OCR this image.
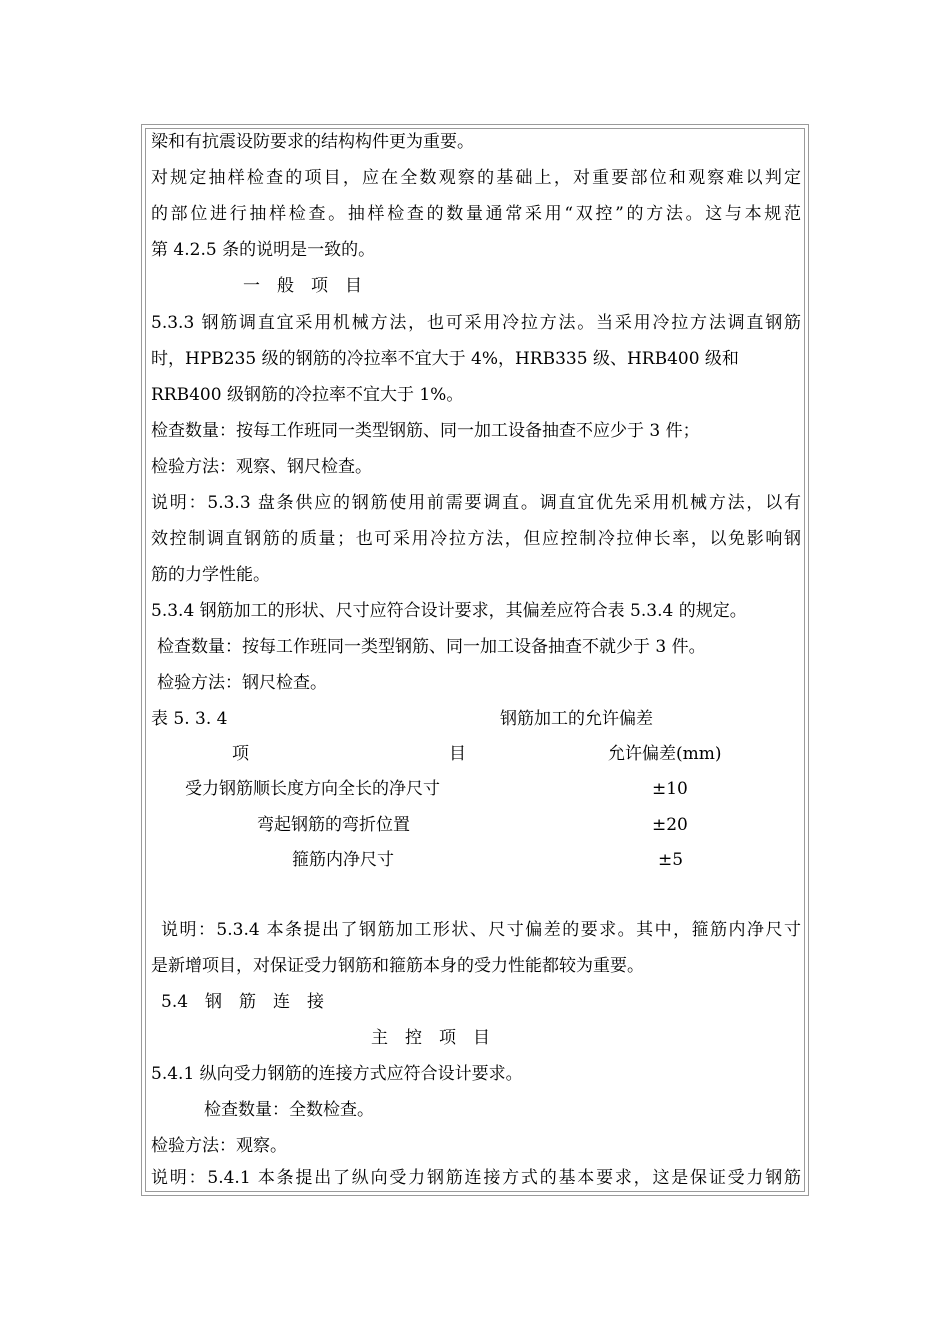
梁和有抗震设防要求的结构构件更为重要。
对规定抽样检查的项目，应在全数观察的基础上，对重要部位和观察难以判定
的部位进行抽样检查。抽样检查的数量通常采用“双控”的方法。这与本规范
第 4.2.5 条的说明是一致的。
一　般　项　目
5.3.3 钢筋调直宜采用机械方法，也可采用冷拉方法。当采用冷拉方法调直钢筋
时，HPB235 级的钢筋的冷拉率不宜大于 4%，HRB335 级、HRB400 级和
RRB400 级钢筋的冷拉率不宜大于 1%。
检查数量：按每工作班同一类型钢筋、同一加工设备抽查不应少于 3 件；
检验方法：观察、钢尺检查。
说明：5.3.3 盘条供应的钢筋使用前需要调直。调直宜优先采用机械方法，以有
效控制调直钢筋的质量；也可采用冷拉方法，但应控制冷拉伸长率，以免影响钢
筋的力学性能。
5.3.4 钢筋加工的形状、尺寸应符合设计要求，其偏差应符合表 5.3.4 的规定。
检查数量：按每工作班同一类型钢筋、同一加工设备抽查不就少于 3 件。
检验方法：钢尺检查。
表 5. 3. 4	钢筋加工的允许偏差
项	目	允许偏差(mm)
受力钢筋顺长度方向全长的净尺寸	±10
弯起钢筋的弯折位置	±20
箍筋内净尺寸	±5
说明：5.3.4 本条提出了钢筋加工形状、尺寸偏差的要求。其中，箍筋内净尺寸
是新增项目，对保证受力钢筋和箍筋本身的受力性能都较为重要。
5.4　钢　筋　连　接
主　控　项　目
5.4.1 纵向受力钢筋的连接方式应符合设计要求。
检查数量：全数检查。
检验方法：观察。
说明：5.4.1 本条提出了纵向受力钢筋连接方式的基本要求，这是保证受力钢筋
